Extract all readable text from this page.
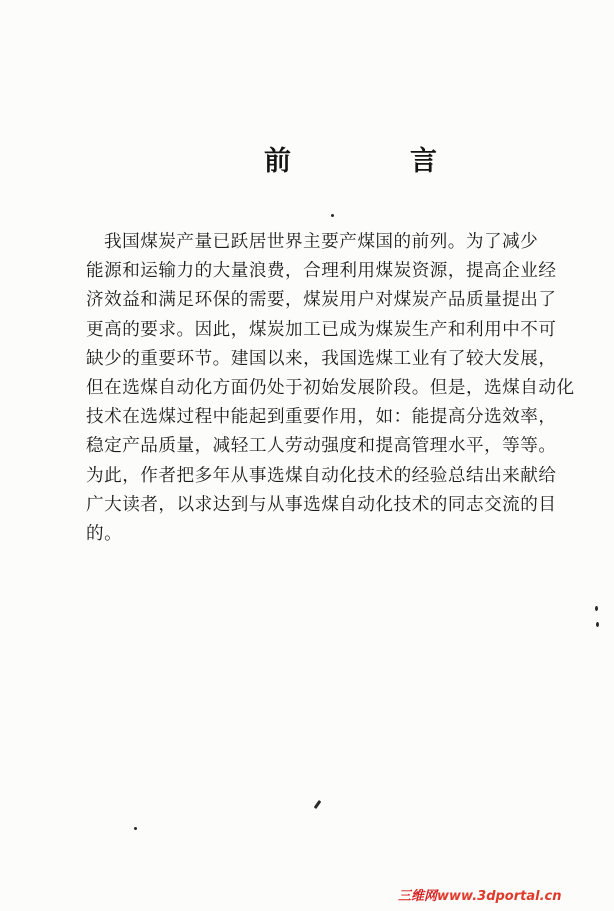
前　言
我国煤炭产量已跃居世界主要产煤国的前列。为了减少
能源和运输力的大量浪费，合理利用煤炭资源，提高企业经
济效益和满足环保的需要，煤炭用户对煤炭产品质量提出了
更高的要求。因此，煤炭加工已成为煤炭生产和利用中不可
缺少的重要环节。建国以来，我国选煤工业有了较大发展，
但在选煤自动化方面仍处于初始发展阶段。但是，选煤自动化
技术在选煤过程中能起到重要作用，如：能提高分选效率，
稳定产品质量，减轻工人劳动强度和提高管理水平，等等。
为此，作者把多年从事选煤自动化技术的经验总结出来献给
广大读者，以求达到与从事选煤自动化技术的同志交流的目
的。
三维网www.3dportal.cn
